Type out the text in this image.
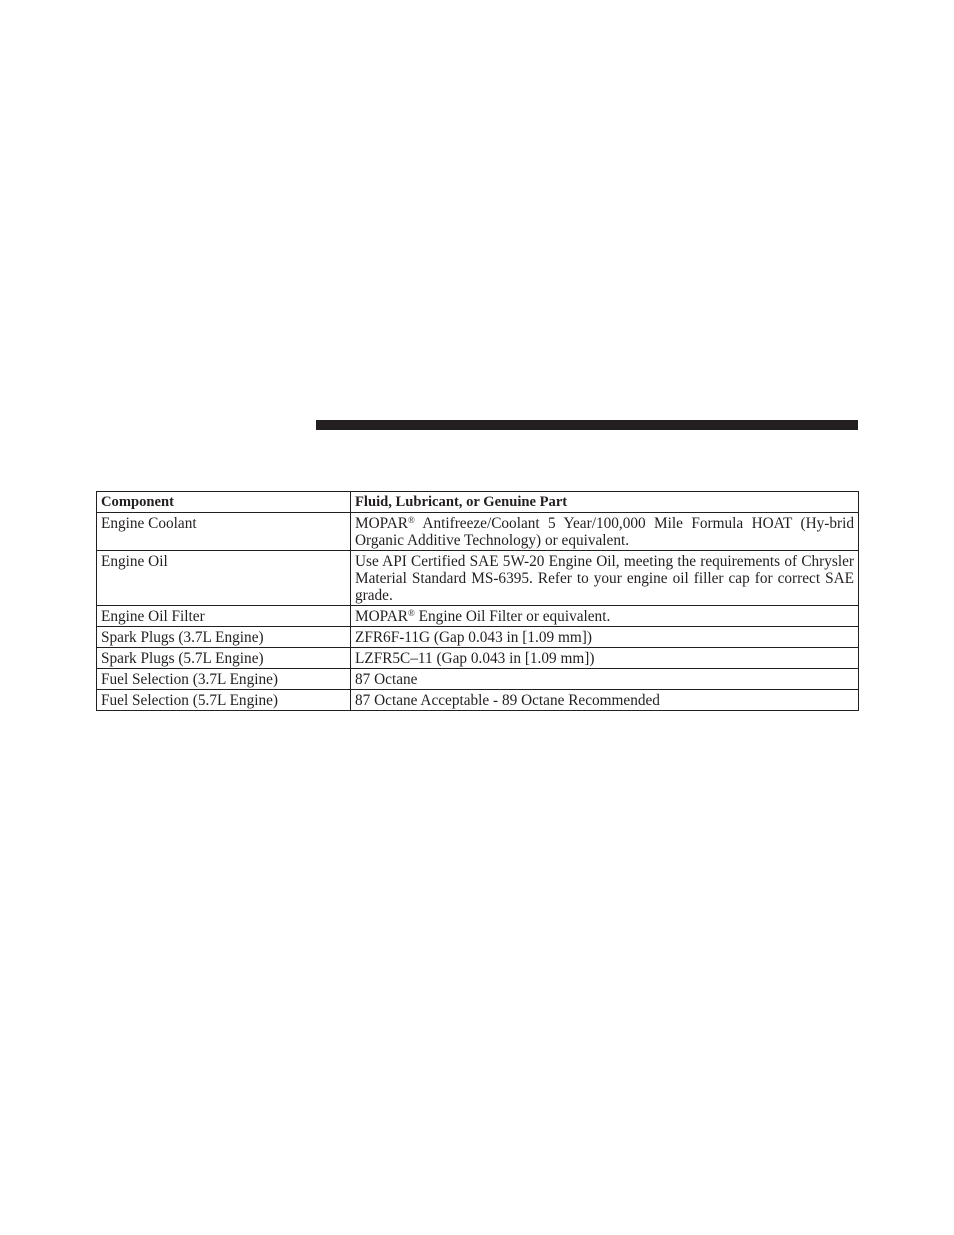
Component	Fluid, Lubricant, or Genuine Part
Engine Coolant	MOPAR® Antifreeze/Coolant 5 Year/100,000 Mile Formula HOAT (Hy-brid Organic Additive Technology) or equivalent.
Engine Oil	Use API Certified SAE 5W-20 Engine Oil, meeting the requirements of Chrysler Material Standard MS-6395. Refer to your engine oil filler cap for correct SAE grade.
Engine Oil Filter	MOPAR® Engine Oil Filter or equivalent.
Spark Plugs (3.7L Engine)	ZFR6F-11G (Gap 0.043 in [1.09 mm])
Spark Plugs (5.7L Engine)	LZFR5C–11 (Gap 0.043 in [1.09 mm])
Fuel Selection (3.7L Engine)	87 Octane
Fuel Selection (5.7L Engine)	87 Octane Acceptable - 89 Octane Recommended
